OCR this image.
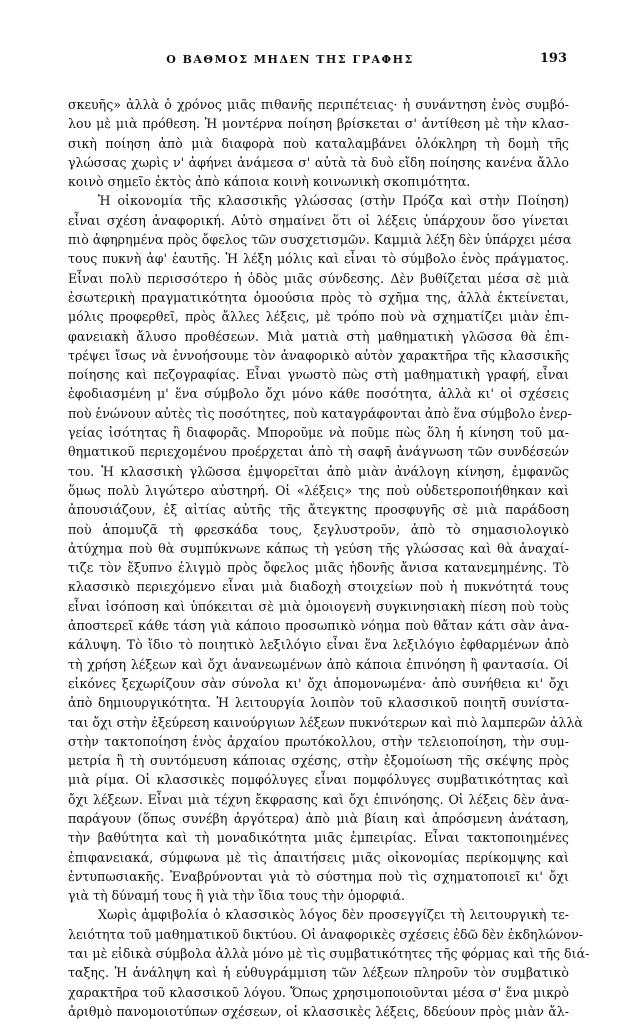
Ο ΒΑΘΜΟΣ ΜΗΔΕΝ ΤΗΣ ΓΡΑΦΗΣ	193
σκευῆς» ἀλλὰ ὁ χρόνος μιᾶς πιθανῆς περιπέτειας· ἡ συνάντηση ἑνὸς συμβό-
λου μὲ μιὰ πρόθεση. Ἡ μοντέρνα ποίηση βρίσκεται σ' ἀντίθεση μὲ τὴν κλασ-
σικὴ ποίηση ἀπὸ μιὰ διαφορὰ ποὺ καταλαμβάνει ὁλόκληρη τὴ δομὴ τῆς
γλώσσας χωρὶς ν' ἀφήνει ἀνάμεσα σ' αὐτὰ τὰ δυὸ εἴδη ποίησης κανένα ἄλλο
κοινὸ σημεῖο ἐκτὸς ἀπὸ κάποια κοινὴ κοινωνικὴ σκοπιμότητα.
Ἡ οἰκονομία τῆς κλασσικῆς γλώσσας (στὴν Πρόζα καὶ στὴν Ποίηση)
εἶναι σχέση ἀναφορική. Αὐτὸ σημαίνει ὅτι οἱ λέξεις ὑπάρχουν ὅσο γίνεται
πιὸ ἀφηρημένα πρὸς ὄφελος τῶν συσχετισμῶν. Καμμιὰ λέξη δὲν ὑπάρχει μέσα
τους πυκνὴ ἀφ' ἑαυτῆς. Ἡ λέξη μόλις καὶ εἶναι τὸ σύμβολο ἑνὸς πράγματος.
Εἶναι πολὺ περισσότερο ἡ ὁδὸς μιᾶς σύνδεσης. Δὲν βυθίζεται μέσα σὲ μιὰ
ἐσωτερικὴ πραγματικότητα ὁμοούσια πρὸς τὸ σχῆμα της, ἀλλὰ ἐκτείνεται,
μόλις προφερθεῖ, πρὸς ἄλλες λέξεις, μὲ τρόπο ποὺ νὰ σχηματίζει μιὰν ἐπι-
φανειακὴ ἄλυσο προθέσεων. Μιὰ ματιὰ στὴ μαθηματικὴ γλῶσσα θὰ ἐπι-
τρέψει ἴσως νὰ ἐννοήσουμε τὸν ἀναφορικὸ αὐτὸν χαρακτῆρα τῆς κλασσικῆς
ποίησης καὶ πεζογραφίας. Εἶναι γνωστὸ πὼς στὴ μαθηματικὴ γραφή, εἶναι
ἐφοδιασμένη μ' ἕνα σύμβολο ὄχι μόνο κάθε ποσότητα, ἀλλὰ κι' οἱ σχέσεις
ποὺ ἑνώνουν αὐτὲς τὶς ποσότητες, ποὺ καταγράφονται ἀπὸ ἕνα σύμβολο ἐνερ-
γείας ἰσότητας ἢ διαφορᾶς. Μποροῦμε νὰ ποῦμε πὼς ὅλη ἡ κίνηση τοῦ μα-
θηματικοῦ περιεχομένου προέρχεται ἀπὸ τὴ σαφῆ ἀνάγνωση τῶν συνδέσεών
του. Ἡ κλασσικὴ γλῶσσα ἐμψορεῖται ἀπὸ μιὰν ἀνάλογη κίνηση, ἐμφανῶς
ὅμως πολὺ λιγώτερο αὐστηρή. Οἱ «λέξεις» της ποὺ οὐδετεροποιήθηκαν καὶ
ἀπουσιάζουν, ἐξ αἰτίας αὐτῆς τῆς ἄτεγκτης προσφυγῆς σὲ μιὰ παράδοση
ποὺ ἀπομυζᾶ τὴ φρεσκάδα τους, ξεγλυστροῦν, ἀπὸ τὸ σημασιολογικὸ
ἀτύχημα ποὺ θὰ συμπύκνωνε κάπως τὴ γεύση τῆς γλώσσας καὶ θὰ ἀναχαί-
τιζε τὸν ἔξυπνο ἐλιγμὸ πρὸς ὄφελος μιᾶς ἡδονῆς ἄνισα κατανεμημένης. Τὸ
κλασσικὸ περιεχόμενο εἶναι μιὰ διαδοχὴ στοιχείων ποὺ ἡ πυκνότητά τους
εἶναι ἰσόποση καὶ ὑπόκειται σὲ μιὰ ὁμοιογενὴ συγκινησιακὴ πίεση ποὺ τοὺς
ἀποστερεῖ κάθε τάση γιὰ κάποιο προσωπικὸ νόημα ποὺ θἄταν κάτι σὰν ἀνα-
κάλυψη. Τὸ ἴδιο τὸ ποιητικὸ λεξιλόγιο εἶναι ἕνα λεξιλόγιο ἐφθαρμένων ἀπὸ
τὴ χρήση λέξεων καὶ ὄχι ἀνανεωμένων ἀπὸ κάποια ἐπινόηση ἢ φαντασία. Οἱ
εἰκόνες ξεχωρίζουν σὰν σύνολα κι' ὄχι ἀπομονωμένα· ἀπὸ συνήθεια κι' ὄχι
ἀπὸ δημιουργικότητα. Ἡ λειτουργία λοιπὸν τοῦ κλασσικοῦ ποιητῆ συνίστα-
ται ὄχι στὴν ἐξεύρεση καινούργιων λέξεων πυκνότερων καὶ πιὸ λαμπερῶν ἀλλὰ
στὴν τακτοποίηση ἑνὸς ἀρχαίου πρωτόκολλου, στὴν τελειοποίηση, τὴν συμ-
μετρία ἢ τὴ συντόμευση κάποιας σχέσης, στὴν ἐξομοίωση τῆς σκέψης πρὸς
μιὰ ρίμα. Οἱ κλασσικὲς πομφόλυγες εἶναι πομφόλυγες συμβατικότητας καὶ
ὄχι λέξεων. Εἶναι μιὰ τέχνη ἔκφρασης καὶ ὄχι ἐπινόησης. Οἱ λέξεις δὲν ἀνα-
παράγουν (ὅπως συνέβη ἀργότερα) ἀπὸ μιὰ βίαιη καὶ ἀπρόσμενη ἀνάταση,
τὴν βαθύτητα καὶ τὴ μοναδικότητα μιᾶς ἐμπειρίας. Εἶναι τακτοποιημένες
ἐπιφανειακά, σύμφωνα μὲ τὶς ἀπαιτήσεις μιᾶς οἰκονομίας περίκομψης καὶ
ἐντυπωσιακῆς. Ἐναβρύνονται γιὰ τὸ σύστημα ποὺ τὶς σχηματοποιεῖ κι' ὄχι
γιὰ τὴ δύναμή τους ἢ γιὰ τὴν ἴδια τους τὴν ὁμορφιά.
Χωρὶς ἀμφιβολία ὁ κλασσικὸς λόγος δὲν προσεγγίζει τὴ λειτουργικὴ τε-
λειότητα τοῦ μαθηματικοῦ δικτύου. Οἱ ἀναφορικὲς σχέσεις ἐδῶ δὲν ἐκδηλώνον-
ται μὲ εἰδικὰ σύμβολα ἀλλὰ μόνο μὲ τὶς συμβατικότητες τῆς φόρμας καὶ τῆς διά-
ταξης. Ἡ ἀνάληψη καὶ ἡ εὐθυγράμμιση τῶν λέξεων πληροῦν τὸν συμβατικὸ
χαρακτῆρα τοῦ κλασσικοῦ λόγου. Ὅπως χρησιμοποιοῦνται μέσα σ' ἕνα μικρὸ
ἀριθμὸ πανομοιοτύπων σχέσεων, οἱ κλασσικὲς λέξεις, δδεύουν πρὸς μιὰν ἄλ-
